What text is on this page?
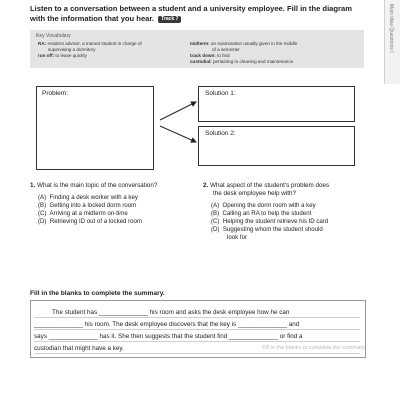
Listen to a conversation between a student and a university employee. Fill in the diagram
with the information that you hear. Track 7	Main Idea Questions I
Key Vocabulary
RA: resident advisor, a trained student in charge of
supervising a dormitory
run off: to leave quickly
midterm: an examination usually given in the middle
of a semester
track down: to find
custodial: pertaining to cleaning and maintenance
Problem:	Solution 1:
Solution 2:
1. What is the main topic of the conversation?
(A) Finding a desk worker with a key
(B) Getting into a locked dorm room
(C) Arriving at a midterm on-time
(D) Retrieving ID out of a locked room
2. What aspect of the student's problem does
the desk employee help with?
(A) Opening the dorm room with a key
(B) Calling an RA to help the student
(C) Helping the student retrieve his ID card
(D) Suggesting whom the student should
look for
Fill in the blanks to complete the summary.
The student has ______________ his room and asks the desk employee how he can
______________ his room. The desk employee discovers that the key is ______________ and
says ______________ has it. She then suggests that the student find ______________ or find a
custodian that might have a key.	Fill in the blanks to complete the summary.
